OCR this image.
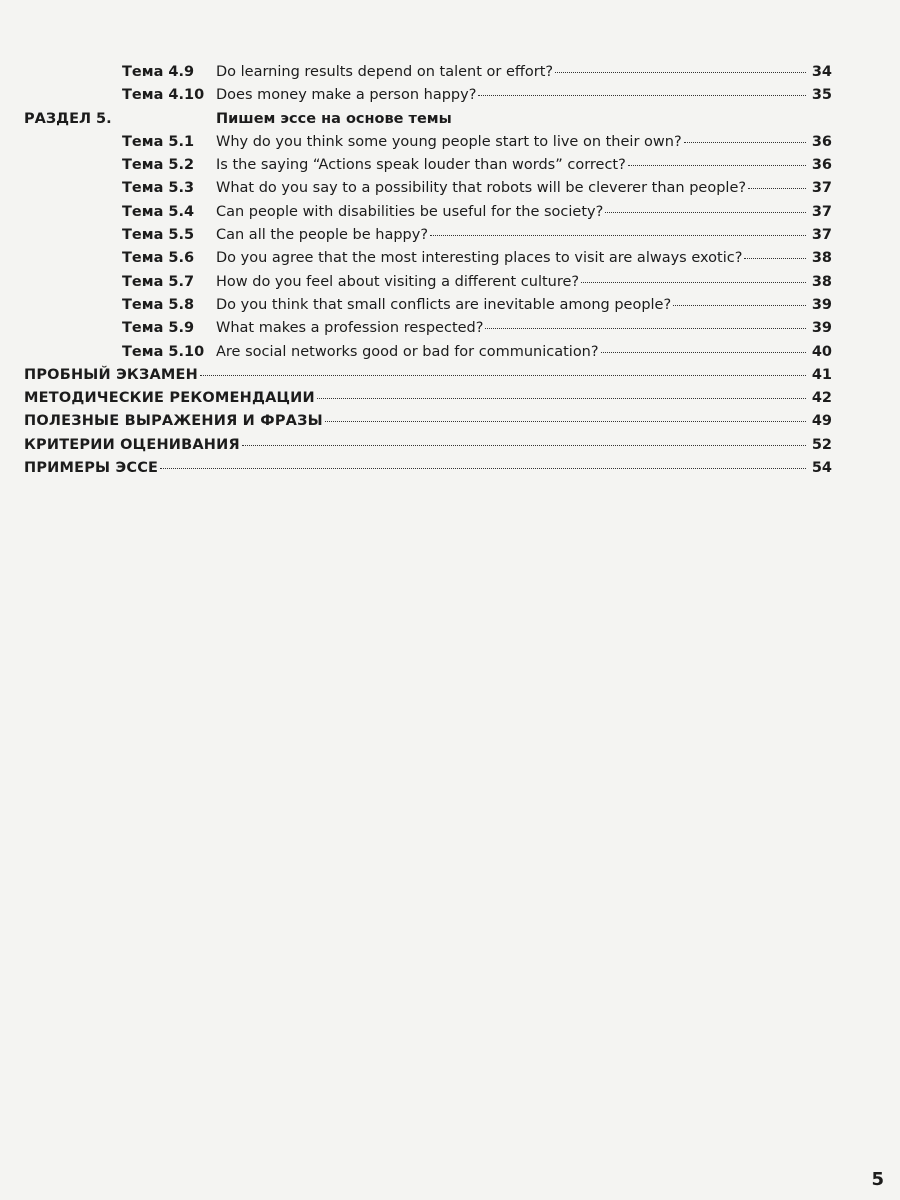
Тема 4.9	Do learning results depend on talent or effort?	34
Тема 4.10 Does money make a person happy?	35
РАЗДЕЛ 5.	Пишем эссе на основе темы
Тема 5.1	Why do you think some young people start to live on their own?	36
Тема 5.2	Is the saying “Actions speak louder than words” correct?	36
Тема 5.3	What do you say to a possibility that robots will be cleverer than people?	37
Тема 5.4	Can people with disabilities be useful for the society?	37
Тема 5.5	Can all the people be happy?	37
Тема 5.6	Do you agree that the most interesting places to visit are always exotic?	38
Тема 5.7	How do you feel about visiting a different culture?	38
Тема 5.8	Do you think that small conflicts are inevitable among people?	39
Тема 5.9	What makes a profession respected?	39
Тема 5.10 Are social networks good or bad for communication?	40
ПРОБНЫЙ ЭКЗАМЕН	41
МЕТОДИЧЕСКИЕ РЕКОМЕНДАЦИИ	42
ПОЛЕЗНЫЕ ВЫРАЖЕНИЯ И ФРАЗЫ	49
КРИТЕРИИ ОЦЕНИВАНИЯ	52
ПРИМЕРЫ ЭССЕ	54
5
